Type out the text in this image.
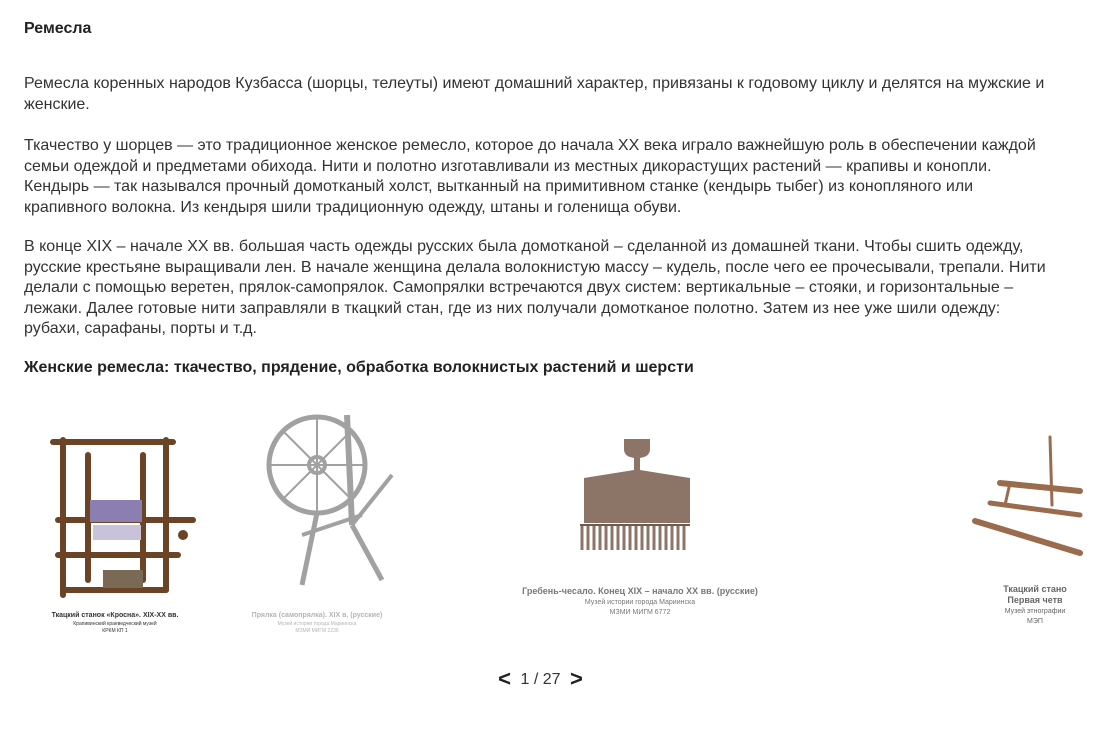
Ремесла

Ремесла коренных народов Кузбасса (шорцы, телеуты) имеют домашний характер, привязаны к годовому циклу и делятся на мужские и женские.

Ткачество у шорцев — это традиционное женское ремесло, которое до начала XX века играло важнейшую роль в обеспечении каждой семьи одеждой и предметами обихода. Нити и полотно изготавливали из местных дикорастущих растений — крапивы и конопли. Кендырь — так назывался прочный домотканый холст, вытканный на примитивном станке (кендырь тыбег) из конопляного или крапивного волокна. Из кендыря шили традиционную одежду, штаны и голенища обуви.

В конце XIX – начале XX вв. большая часть одежды русских была домотканой – сделанной из домашней ткани. Чтобы сшить одежду, русские крестьяне выращивали лен. В начале женщина делала волокнистую массу – кудель, после чего ее прочесывали, трепали. Нити делали с помощью веретен, прялок-самопрялок. Самопрялки встречаются двух систем: вертикальные – стояки, и горизонтальные – лежаки. Далее готовые нити заправляли в ткацкий стан, где из них получали домотканое полотно. Затем из нее уже шили одежду: рубахи, сарафаны, порты и т.д.

Женские ремесла: ткачество, прядение, обработка волокнистых растений и шерсти
Ткацкий станок «Кросна». XIX-XX вв.
Крапивинский краеведческий музей
КРКМ КП 1
Прялка (самопрялка). XIX в. (русские)
Музей истории города Мариинска
МЗМИ МИГМ 2236
Гребень-чесало. Конец XIX – начало XX вв. (русские)
Музей истории города Мариинска
МЗМИ МИГМ 6772
Ткацкий стано
Первая четв
Музей этнографии
МЭП
< 1 / 27 >
